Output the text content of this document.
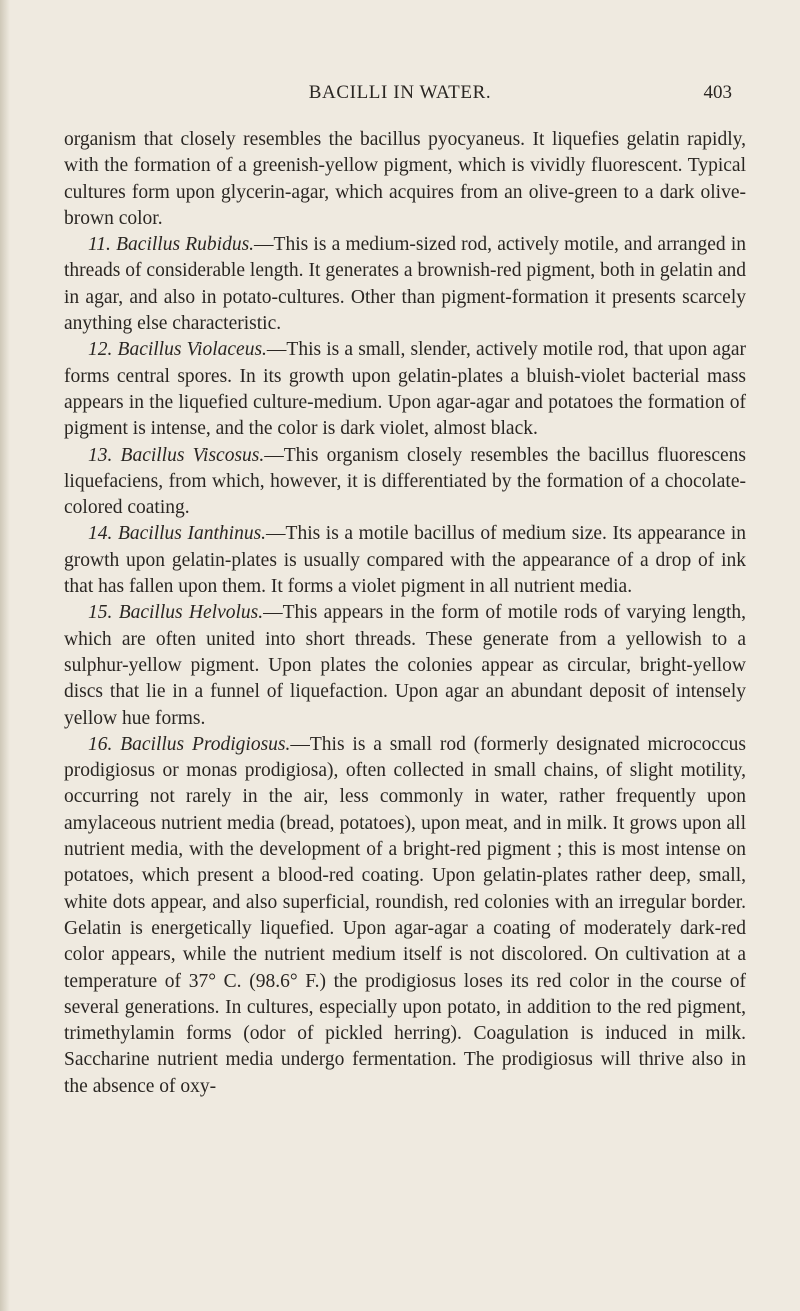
BACILLI IN WATER.	403

organism that closely resembles the bacillus pyocyaneus. It liquefies gelatin rapidly, with the formation of a greenish-yellow pigment, which is vividly fluorescent. Typical cultures form upon glycerin-agar, which acquires from an olive-green to a dark olive-brown color.

11. Bacillus Rubidus.—This is a medium-sized rod, actively motile, and arranged in threads of considerable length. It generates a brownish-red pigment, both in gelatin and in agar, and also in potato-cultures. Other than pigment-formation it presents scarcely anything else characteristic.

12. Bacillus Violaceus.—This is a small, slender, actively motile rod, that upon agar forms central spores. In its growth upon gelatin-plates a bluish-violet bacterial mass appears in the liquefied culture-medium. Upon agar-agar and potatoes the formation of pigment is intense, and the color is dark violet, almost black.

13. Bacillus Viscosus.—This organism closely resembles the bacillus fluorescens liquefaciens, from which, however, it is differentiated by the formation of a chocolate-colored coating.

14. Bacillus Ianthinus.—This is a motile bacillus of medium size. Its appearance in growth upon gelatin-plates is usually compared with the appearance of a drop of ink that has fallen upon them. It forms a violet pigment in all nutrient media.

15. Bacillus Helvolus.—This appears in the form of motile rods of varying length, which are often united into short threads. These generate from a yellowish to a sulphur-yellow pigment. Upon plates the colonies appear as circular, bright-yellow discs that lie in a funnel of liquefaction. Upon agar an abundant deposit of intensely yellow hue forms.

16. Bacillus Prodigiosus.—This is a small rod (formerly designated micrococcus prodigiosus or monas prodigiosa), often collected in small chains, of slight motility, occurring not rarely in the air, less commonly in water, rather frequently upon amylaceous nutrient media (bread, potatoes), upon meat, and in milk. It grows upon all nutrient media, with the development of a bright-red pigment ; this is most intense on potatoes, which present a blood-red coating. Upon gelatin-plates rather deep, small, white dots appear, and also superficial, roundish, red colonies with an irregular border. Gelatin is energetically liquefied. Upon agar-agar a coating of moderately dark-red color appears, while the nutrient medium itself is not discolored. On cultivation at a temperature of 37° C. (98.6° F.) the prodigiosus loses its red color in the course of several generations. In cultures, especially upon potato, in addition to the red pigment, trimethylamin forms (odor of pickled herring). Coagulation is induced in milk. Saccharine nutrient media undergo fermentation. The prodigiosus will thrive also in the absence of oxy-
